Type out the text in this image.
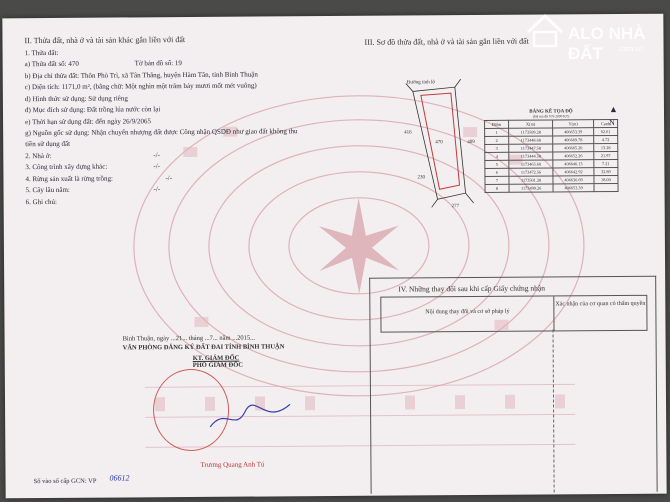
II. Thửa đất, nhà ở và tài sản khác gắn liền với đất
1. Thửa đất:
a) Thửa đất số: 470	Tờ bản đồ số: 19
b) Địa chỉ thửa đất: Thôn Phò Trì, xã Tân Thắng, huyện Hàm Tân, tỉnh Bình Thuận
c) Diện tích: 1171,0 m², (bằng chữ: Một nghìn một trăm bảy mươi mốt mét vuông)
d) Hình thức sử dụng: Sử dụng riêng
đ) Mục đích sử dụng: Đất trồng lúa nước còn lại
e) Thời hạn sử dụng đất: đến ngày 26/9/2065
g) Nguồn gốc sử dụng: Nhận chuyển nhượng đất được Công nhận QSDĐ như giao đất không thu
tiền sử dụng đất
2. Nhà ở:	-/-
3. Công trình xây dựng khác:	-/-
4. Rừng sản xuất là rừng trồng:	-/-
5. Cây lâu năm:	-/-
6. Ghi chú:
III. Sơ đồ thửa đất, nhà ở và tài sản gắn liền với đất
Đường tỉnh lộ
470
416
409
230
277
BẢNG KÊ TỌA ĐỘ
(Hệ tọa độ VN-2000 KT)
Điểm	X(m)	Y(m)	Cạnh
1	1173509.28	406653.39	62.61
2	1173448.68	406669.78	4.72
3	1173447.58	406665.20	13.28
4	1173444.58	406652.26	21.97
5	1173465.60	406646.13	7.21
6	1173472.56	406642.92	32.89
7	1173501.28	406636.69	18.00
8	1173499.26	406653.39	
▲
N
IV. Những thay đổi sau khi cấp Giấy chứng nhận
Nội dung thay đổi và cơ sở pháp lý
Xác nhận của cơ quan có thẩm quyền
Bình Thuận, ngày ...21... tháng ...7... năm ...2015...
VĂN PHÒNG ĐĂNG KÝ ĐẤT ĐAI TỈNH BÌNH THUẬN
KT. GIÁM ĐỐC
PHÓ GIÁM ĐỐC
Trương Quang Anh Tú
Số vào sổ cấp GCN: VP 06612
ALO NHÀ ĐẤT	.com.vn
